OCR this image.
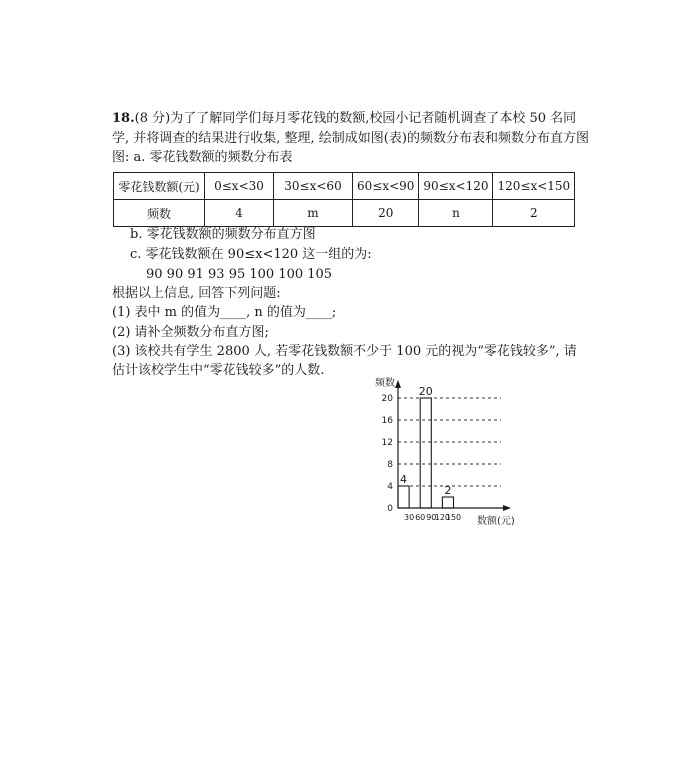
18.(8 分)为了了解同学们每月零花钱的数额,校园小记者随机调查了本校 50 名同
学, 并将调查的结果进行收集, 整理, 绘制成如图(表)的频数分布表和频数分布直方图
图: a. 零花钱数额的频数分布表
零花钱数额(元)	0≤x<30	30≤x<60	60≤x<90	90≤x<120	120≤x<150
频数	4	m	20	n	2
b. 零花钱数额的频数分布直方图
c. 零花钱数额在 90≤x<120 这一组的为:
90 90 91 93 95 100 100 105
根据以上信息, 回答下列问题:
(1) 表中 m 的值为____, n 的值为____;
(2) 请补全频数分布直方图;
(3) 该校共有学生 2800 人, 若零花钱数额不少于 100 元的视为“零花钱较多”, 请
估计该校学生中“零花钱较多”的人数.
0
4
8
12
16
20
30 60 90
120
150
4
20
2
频数
数额(元)
